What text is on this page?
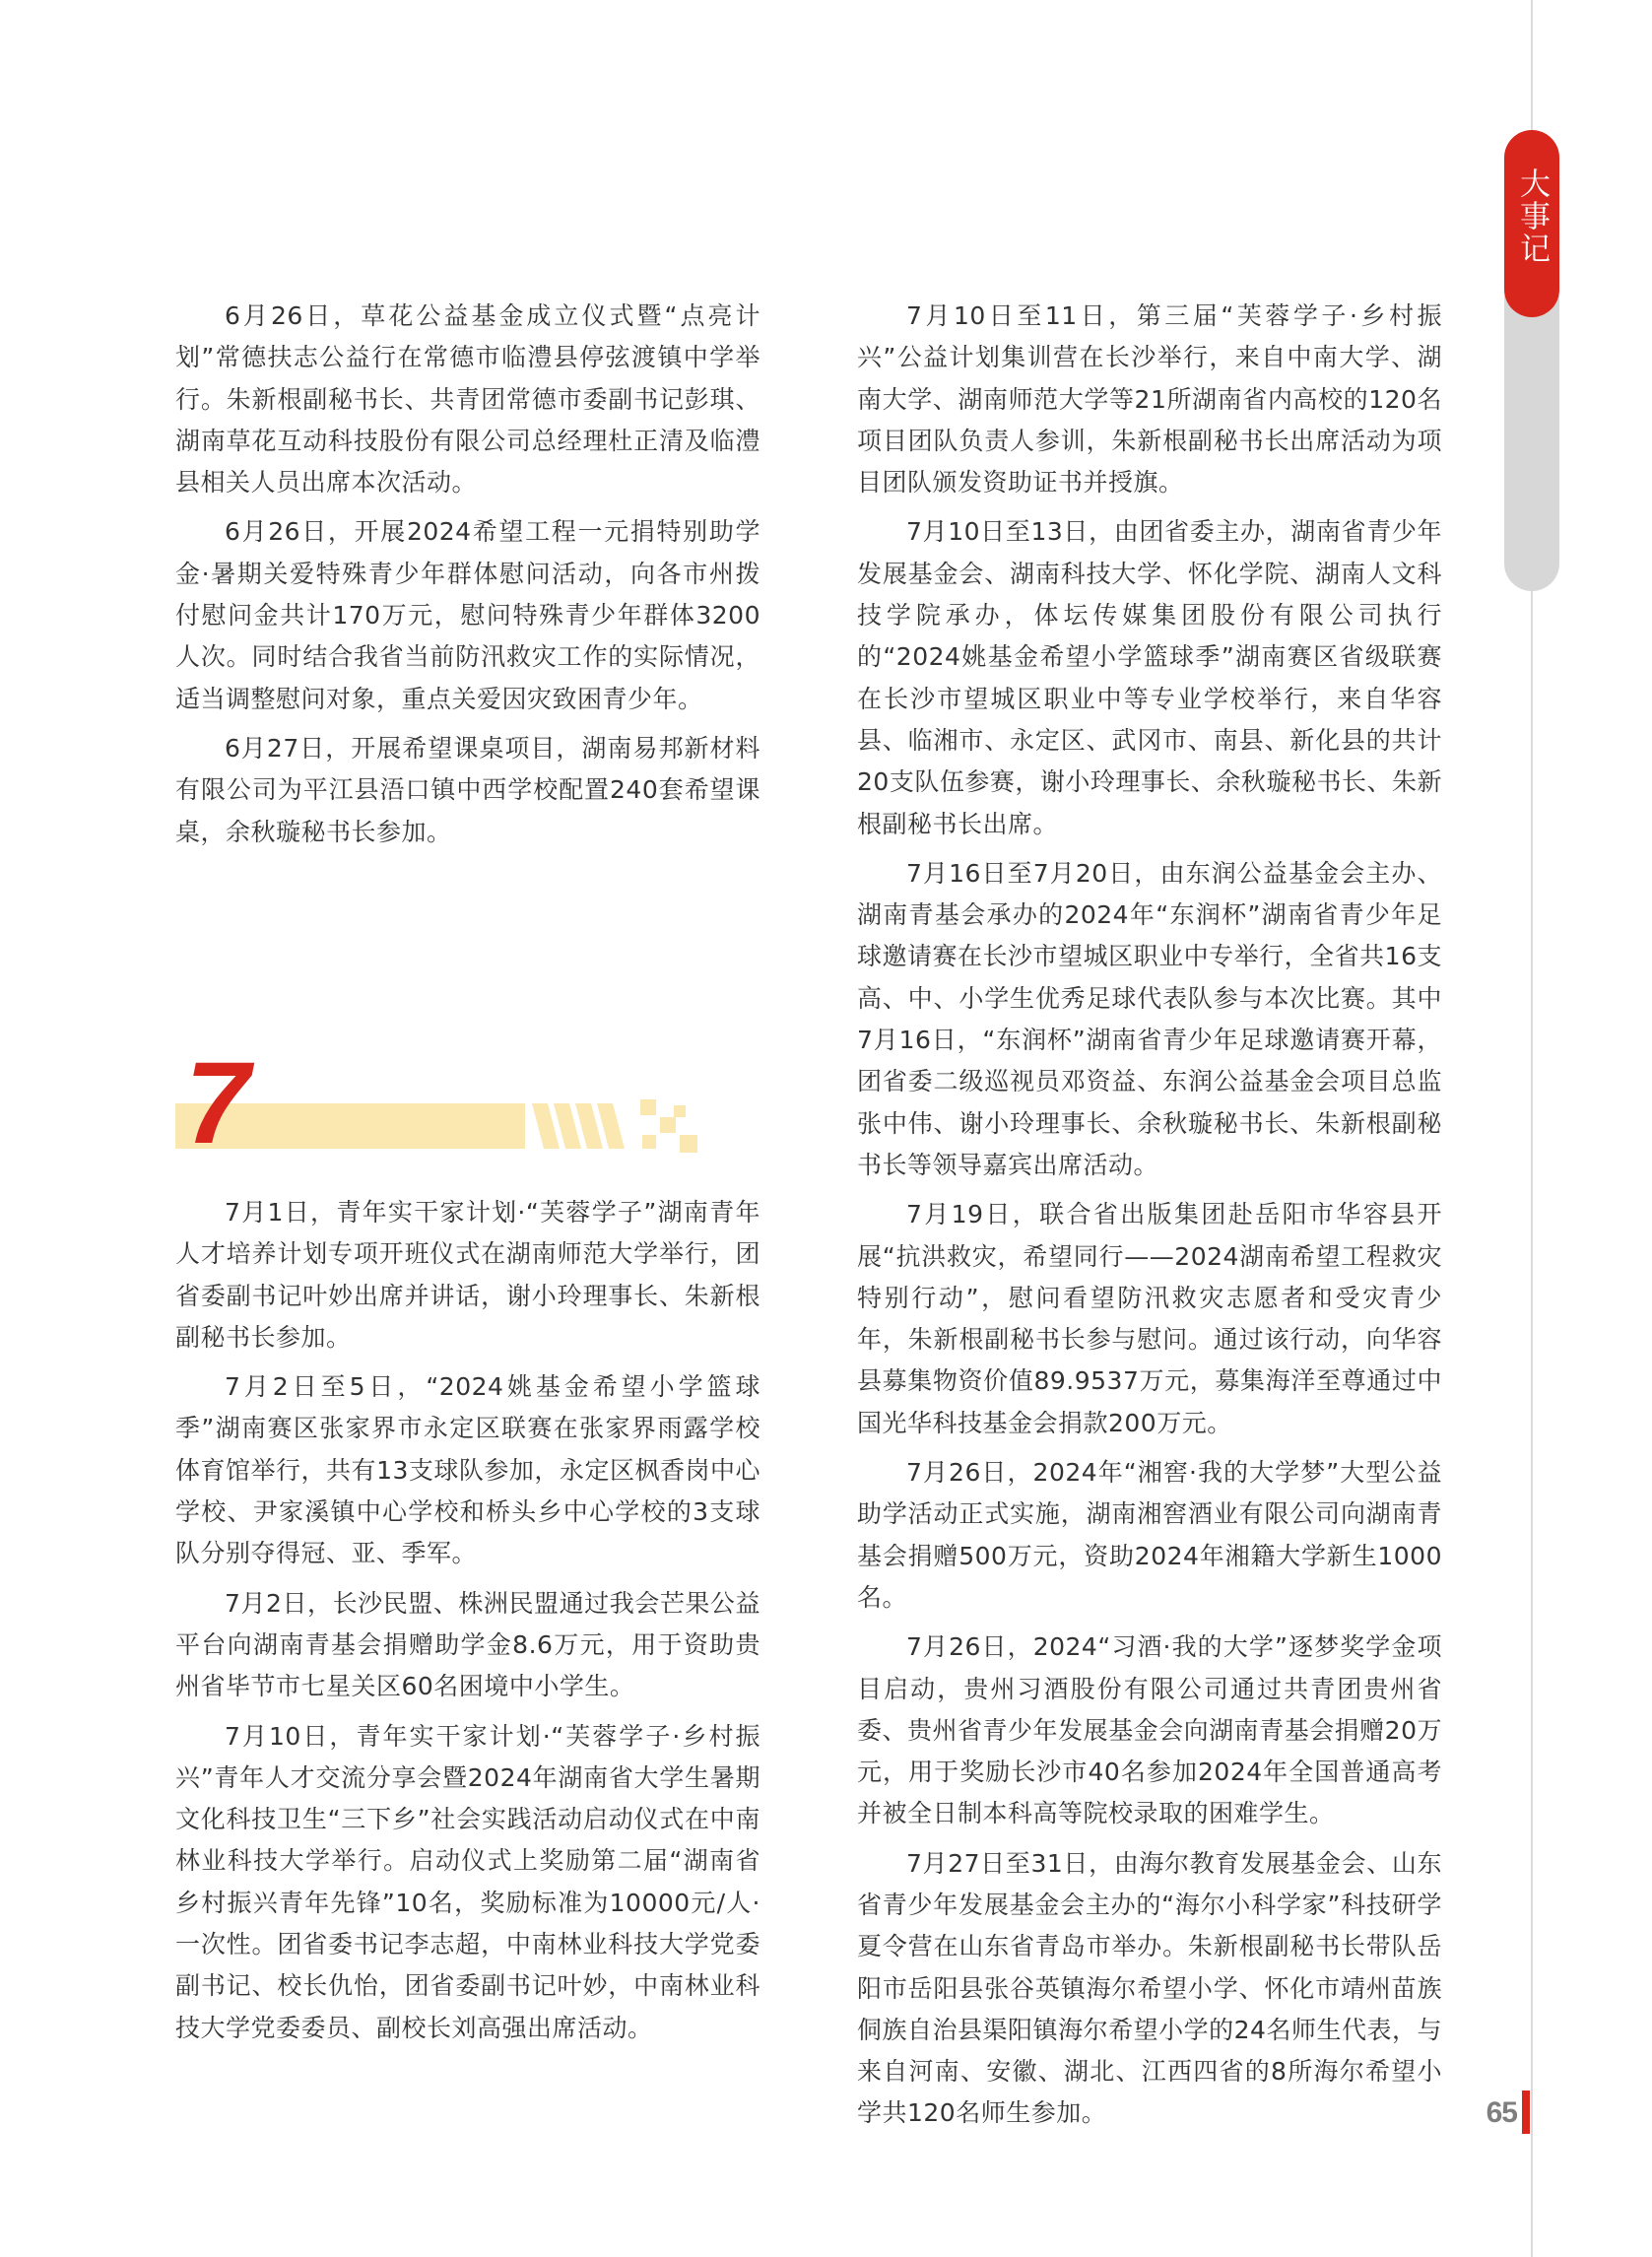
大事记

6月26日，草花公益基金成立仪式暨“点亮计划”常德扶志公益行在常德市临澧县停弦渡镇中学举行。朱新根副秘书长、共青团常德市委副书记彭琪、湖南草花互动科技股份有限公司总经理杜正清及临澧县相关人员出席本次活动。

6月26日，开展2024希望工程一元捐特别助学金·暑期关爱特殊青少年群体慰问活动，向各市州拨付慰问金共计170万元，慰问特殊青少年群体3200人次。同时结合我省当前防汛救灾工作的实际情况，适当调整慰问对象，重点关爱因灾致困青少年。

6月27日，开展希望课桌项目，湖南易邦新材料有限公司为平江县浯口镇中西学校配置240套希望课桌，余秋璇秘书长参加。

7

7月1日，青年实干家计划·“芙蓉学子”湖南青年人才培养计划专项开班仪式在湖南师范大学举行，团省委副书记叶妙出席并讲话，谢小玲理事长、朱新根副秘书长参加。

7月2日至5日，“2024姚基金希望小学篮球季”湖南赛区张家界市永定区联赛在张家界雨露学校体育馆举行，共有13支球队参加，永定区枫香岗中心学校、尹家溪镇中心学校和桥头乡中心学校的3支球队分别夺得冠、亚、季军。

7月2日，长沙民盟、株洲民盟通过我会芒果公益平台向湖南青基会捐赠助学金8.6万元，用于资助贵州省毕节市七星关区60名困境中小学生。

7月10日，青年实干家计划·“芙蓉学子·乡村振兴”青年人才交流分享会暨2024年湖南省大学生暑期文化科技卫生“三下乡”社会实践活动启动仪式在中南林业科技大学举行。启动仪式上奖励第二届“湖南省乡村振兴青年先锋”10名，奖励标准为10000元/人·一次性。团省委书记李志超，中南林业科技大学党委副书记、校长仇怡，团省委副书记叶妙，中南林业科技大学党委委员、副校长刘高强出席活动。

7月10日至11日，第三届“芙蓉学子·乡村振兴”公益计划集训营在长沙举行，来自中南大学、湖南大学、湖南师范大学等21所湖南省内高校的120名项目团队负责人参训，朱新根副秘书长出席活动为项目团队颁发资助证书并授旗。

7月10日至13日，由团省委主办，湖南省青少年发展基金会、湖南科技大学、怀化学院、湖南人文科技学院承办，体坛传媒集团股份有限公司执行的“2024姚基金希望小学篮球季”湖南赛区省级联赛在长沙市望城区职业中等专业学校举行，来自华容县、临湘市、永定区、武冈市、南县、新化县的共计20支队伍参赛，谢小玲理事长、余秋璇秘书长、朱新根副秘书长出席。

7月16日至7月20日，由东润公益基金会主办、湖南青基会承办的2024年“东润杯”湖南省青少年足球邀请赛在长沙市望城区职业中专举行，全省共16支高、中、小学生优秀足球代表队参与本次比赛。其中7月16日，“东润杯”湖南省青少年足球邀请赛开幕，团省委二级巡视员邓资益、东润公益基金会项目总监张中伟、谢小玲理事长、余秋璇秘书长、朱新根副秘书长等领导嘉宾出席活动。

7月19日，联合省出版集团赴岳阳市华容县开展“抗洪救灾，希望同行——2024湖南希望工程救灾特别行动”，慰问看望防汛救灾志愿者和受灾青少年，朱新根副秘书长参与慰问。通过该行动，向华容县募集物资价值89.9537万元，募集海洋至尊通过中国光华科技基金会捐款200万元。

7月26日，2024年“湘窖·我的大学梦”大型公益助学活动正式实施，湖南湘窖酒业有限公司向湖南青基会捐赠500万元，资助2024年湘籍大学新生1000名。

7月26日，2024“习酒·我的大学”逐梦奖学金项目启动，贵州习酒股份有限公司通过共青团贵州省委、贵州省青少年发展基金会向湖南青基会捐赠20万元，用于奖励长沙市40名参加2024年全国普通高考并被全日制本科高等院校录取的困难学生。

7月27日至31日，由海尔教育发展基金会、山东省青少年发展基金会主办的“海尔小科学家”科技研学夏令营在山东省青岛市举办。朱新根副秘书长带队岳阳市岳阳县张谷英镇海尔希望小学、怀化市靖州苗族侗族自治县渠阳镇海尔希望小学的24名师生代表，与来自河南、安徽、湖北、江西四省的8所海尔希望小学共120名师生参加。	65
